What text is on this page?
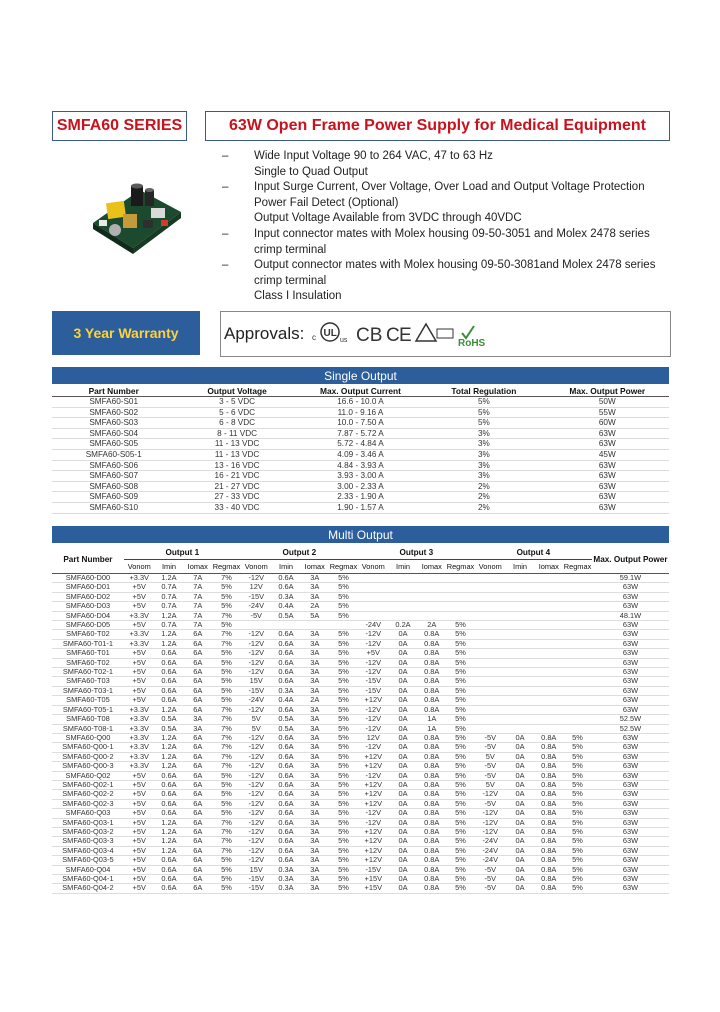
SMFA60 SERIES	63W Open Frame Power Supply for Medical Equipment
–	Wide Input Voltage 90 to 264 VAC, 47 to 63 Hz
Single to Quad Output
–	Input Surge Current, Over Voltage, Over Load and Output Voltage Protection
Power Fail Detect (Optional)
Output Voltage Available from 3VDC through 40VDC
–	Input connector mates with Molex housing 09-50-3051 and Molex 2478 series crimp terminal
–	Output connector mates with Molex housing 09-50-3081and Molex 2478 series crimp terminal
Class I Insulation
3 Year Warranty	Approvals: c UL
us CB C E	RoHS
Single Output
Part Number	Output Voltage	Max. Output Current	Total Regulation	Max. Output Power
SMFA60-S01	3 - 5 VDC	16.6 - 10.0 A	5%	50W
SMFA60-S02	5 - 6 VDC	11.0 - 9.16 A	5%	55W
SMFA60-S03	6 - 8 VDC	10.0 - 7.50 A	5%	60W
SMFA60-S04	8 - 11 VDC	7.87 - 5.72 A	3%	63W
SMFA60-S05	11 - 13 VDC	5.72 - 4.84 A	3%	63W
SMFA60-S05-1	11 - 13 VDC	4.09 - 3.46 A	3%	45W
SMFA60-S06	13 - 16 VDC	4.84 - 3.93 A	3%	63W
SMFA60-S07	16 - 21 VDC	3.93 - 3.00 A	3%	63W
SMFA60-S08	21 - 27 VDC	3.00 - 2.33 A	2%	63W
SMFA60-S09	27 - 33 VDC	2.33 - 1.90 A	2%	63W
SMFA60-S10	33 - 40 VDC	1.90 - 1.57 A	2%	63W
Multi Output
Part Number	Output 1				Output 2				Output 3				Output 4				Max. Output Power
	Vonom	Imin	Iomax	Regmax	Vonom	Imin	Iomax	Regmax	Vonom	Imin	Iomax	Regmax	Vonom	Imin	Iomax	Regmax	
SMFA60-D00	+3.3V	1.2A	7A	7%	-12V	0.6A	3A	5%									59.1W
SMFA60-D01	+5V	0.7A	7A	5%	12V	0.6A	3A	5%									63W
SMFA60-D02	+5V	0.7A	7A	5%	-15V	0.3A	3A	5%									63W
SMFA60-D03	+5V	0.7A	7A	5%	-24V	0.4A	2A	5%									63W
SMFA60-D04	+3.3V	1.2A	7A	7%	-5V	0.5A	5A	5%									48.1W
SMFA60-D05	+5V	0.7A	7A	5%					-24V	0.2A	2A	5%					63W
SMFA60-T02	+3.3V	1.2A	6A	7%	-12V	0.6A	3A	5%	-12V	0A	0.8A	5%					63W
SMFA60-T01-1	+3.3V	1.2A	6A	7%	-12V	0.6A	3A	5%	-12V	0A	0.8A	5%					63W
SMFA60-T01	+5V	0.6A	6A	5%	-12V	0.6A	3A	5%	+5V	0A	0.8A	5%					63W
SMFA60-T02	+5V	0.6A	6A	5%	-12V	0.6A	3A	5%	-12V	0A	0.8A	5%					63W
SMFA60-T02-1	+5V	0.6A	6A	5%	-12V	0.6A	3A	5%	-12V	0A	0.8A	5%					63W
SMFA60-T03	+5V	0.6A	6A	5%	15V	0.6A	3A	5%	-15V	0A	0.8A	5%					63W
SMFA60-T03-1	+5V	0.6A	6A	5%	-15V	0.3A	3A	5%	-15V	0A	0.8A	5%					63W
SMFA60-T05	+5V	0.6A	6A	5%	-24V	0.4A	2A	5%	+12V	0A	0.8A	5%					63W
SMFA60-T05-1	+3.3V	1.2A	6A	7%	-12V	0.6A	3A	5%	-12V	0A	0.8A	5%					63W
SMFA60-T08	+3.3V	0.5A	3A	7%	5V	0.5A	3A	5%	-12V	0A	1A	5%					52.5W
SMFA60-T08-1	+3.3V	0.5A	3A	7%	5V	0.5A	3A	5%	-12V	0A	1A	5%					52.5W
SMFA60-Q00	+3.3V	1.2A	6A	7%	-12V	0.6A	3A	5%	12V	0A	0.8A	5%	-5V	0A	0.8A	5%	63W
SMFA60-Q00-1	+3.3V	1.2A	6A	7%	-12V	0.6A	3A	5%	-12V	0A	0.8A	5%	-5V	0A	0.8A	5%	63W
SMFA60-Q00-2	+3.3V	1.2A	6A	7%	-12V	0.6A	3A	5%	+12V	0A	0.8A	5%	5V	0A	0.8A	5%	63W
SMFA60-Q00-3	+3.3V	1.2A	6A	7%	-12V	0.6A	3A	5%	+12V	0A	0.8A	5%	-5V	0A	0.8A	5%	63W
SMFA60-Q02	+5V	0.6A	6A	5%	-12V	0.6A	3A	5%	-12V	0A	0.8A	5%	-5V	0A	0.8A	5%	63W
SMFA60-Q02-1	+5V	0.6A	6A	5%	-12V	0.6A	3A	5%	+12V	0A	0.8A	5%	5V	0A	0.8A	5%	63W
SMFA60-Q02-2	+5V	0.6A	6A	5%	-12V	0.6A	3A	5%	+12V	0A	0.8A	5%	-12V	0A	0.8A	5%	63W
SMFA60-Q02-3	+5V	0.6A	6A	5%	-12V	0.6A	3A	5%	+12V	0A	0.8A	5%	-5V	0A	0.8A	5%	63W
SMFA60-Q03	+5V	0.6A	6A	5%	-12V	0.6A	3A	5%	-12V	0A	0.8A	5%	-12V	0A	0.8A	5%	63W
SMFA60-Q03-1	+5V	1.2A	6A	7%	-12V	0.6A	3A	5%	-12V	0A	0.8A	5%	-12V	0A	0.8A	5%	63W
SMFA60-Q03-2	+5V	1.2A	6A	7%	-12V	0.6A	3A	5%	+12V	0A	0.8A	5%	-12V	0A	0.8A	5%	63W
SMFA60-Q03-3	+5V	1.2A	6A	7%	-12V	0.6A	3A	5%	+12V	0A	0.8A	5%	-24V	0A	0.8A	5%	63W
SMFA60-Q03-4	+5V	1.2A	6A	7%	-12V	0.6A	3A	5%	+12V	0A	0.8A	5%	-24V	0A	0.8A	5%	63W
SMFA60-Q03-5	+5V	0.6A	6A	5%	-12V	0.6A	3A	5%	+12V	0A	0.8A	5%	-24V	0A	0.8A	5%	63W
SMFA60-Q04	+5V	0.6A	6A	5%	15V	0.3A	3A	5%	-15V	0A	0.8A	5%	-5V	0A	0.8A	5%	63W
SMFA60-Q04-1	+5V	0.6A	6A	5%	-15V	0.3A	3A	5%	+15V	0A	0.8A	5%	-5V	0A	0.8A	5%	63W
SMFA60-Q04-2	+5V	0.6A	6A	5%	-15V	0.3A	3A	5%	+15V	0A	0.8A	5%	-5V	0A	0.8A	5%	63W
